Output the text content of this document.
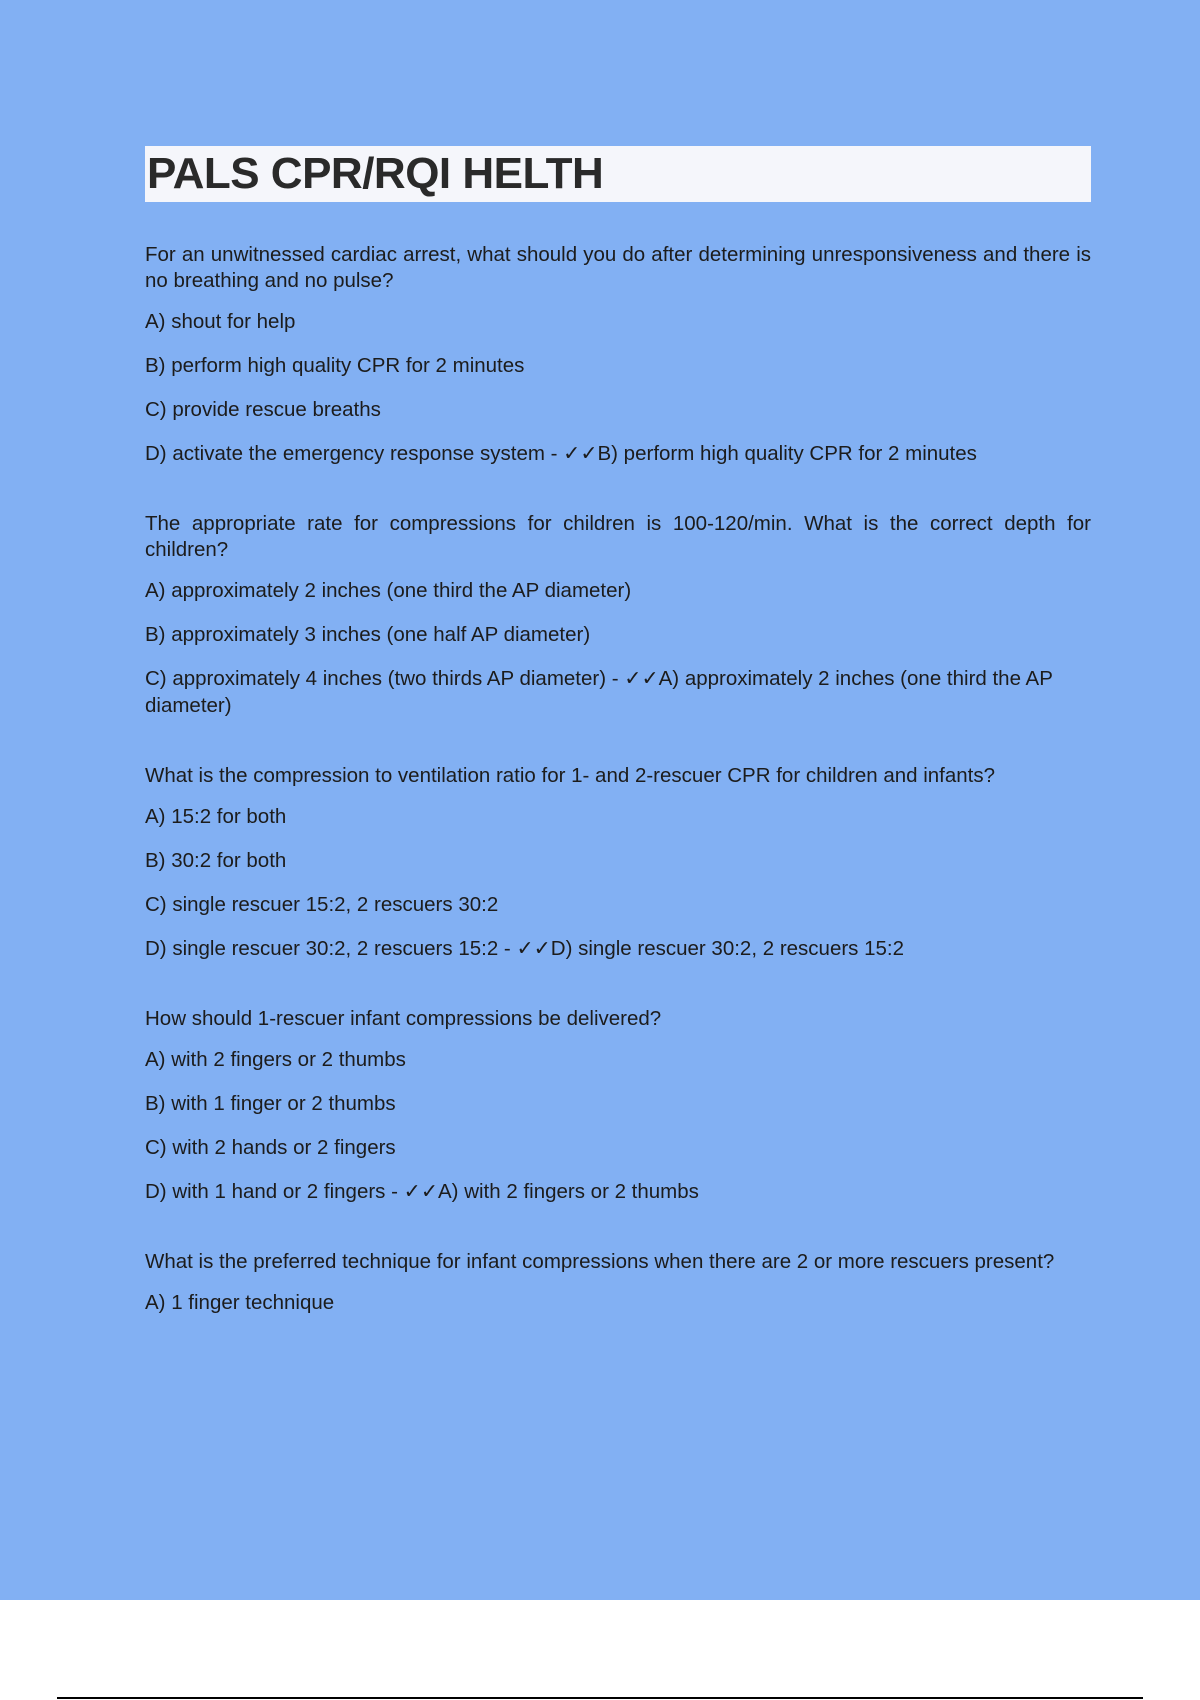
PALS CPR/RQI HELTH

For an unwitnessed cardiac arrest, what should you do after determining unresponsiveness and there is no breathing and no pulse?

A) shout for help

B) perform high quality CPR for 2 minutes

C) provide rescue breaths

D) activate the emergency response system - ✓✓B) perform high quality CPR for 2 minutes

The appropriate rate for compressions for children is 100-120/min. What is the correct depth for children?

A) approximately 2 inches (one third the AP diameter)

B) approximately 3 inches (one half AP diameter)

C) approximately 4 inches (two thirds AP diameter) - ✓✓A) approximately 2 inches (one third the AP diameter)

What is the compression to ventilation ratio for 1- and 2-rescuer CPR for children and infants?

A) 15:2 for both

B) 30:2 for both

C) single rescuer 15:2, 2 rescuers 30:2

D) single rescuer 30:2, 2 rescuers 15:2 - ✓✓D) single rescuer 30:2, 2 rescuers 15:2

How should 1-rescuer infant compressions be delivered?

A) with 2 fingers or 2 thumbs

B) with 1 finger or 2 thumbs

C) with 2 hands or 2 fingers

D) with 1 hand or 2 fingers - ✓✓A) with 2 fingers or 2 thumbs

What is the preferred technique for infant compressions when there are 2 or more rescuers present?

A) 1 finger technique
